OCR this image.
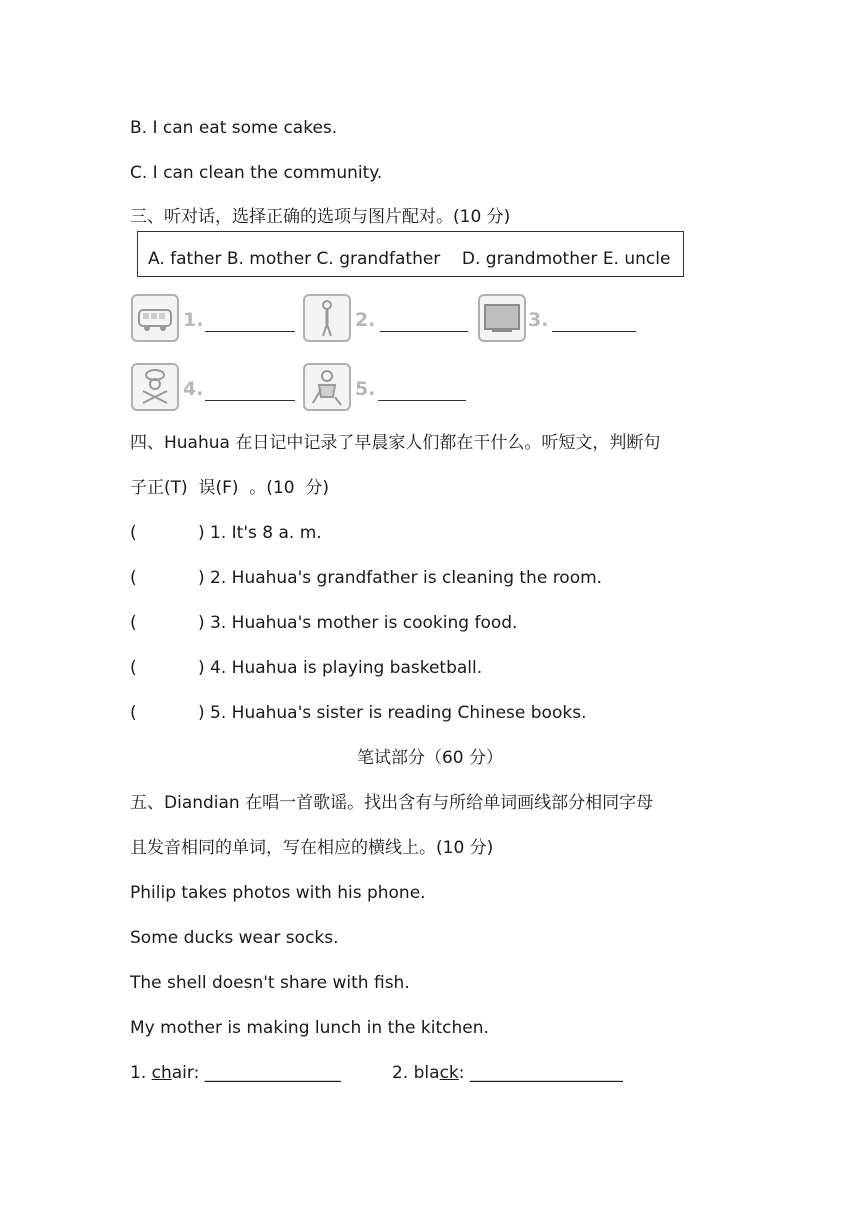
B. I can eat some cakes.
C. I can clean the community.
三、听对话，选择正确的选项与图片配对。(10 分)
A. father B. mother C. grandfather    D. grandmother E. uncle
1.	2.	3.
4.	5.
四、Huahua 在日记中记录了早晨家人们都在干什么。听短文，判断句
子正(T)  误(F)  。(10  分)
(	) 1. It's 8 a. m.
(	) 2. Huahua's grandfather is cleaning the room.
(	) 3. Huahua's mother is cooking food.
(	) 4. Huahua is playing basketball.
(	) 5. Huahua's sister is reading Chinese books.
笔试部分（60 分）
五、Diandian 在唱一首歌谣。找出含有与所给单词画线部分相同字母
且发音相同的单词，写在相应的横线上。(10 分)
Philip takes photos with his phone.
Some ducks wear socks.
The shell doesn't share with fish.
My mother is making lunch in the kitchen.
1. chair: ________________	2. black: __________________
